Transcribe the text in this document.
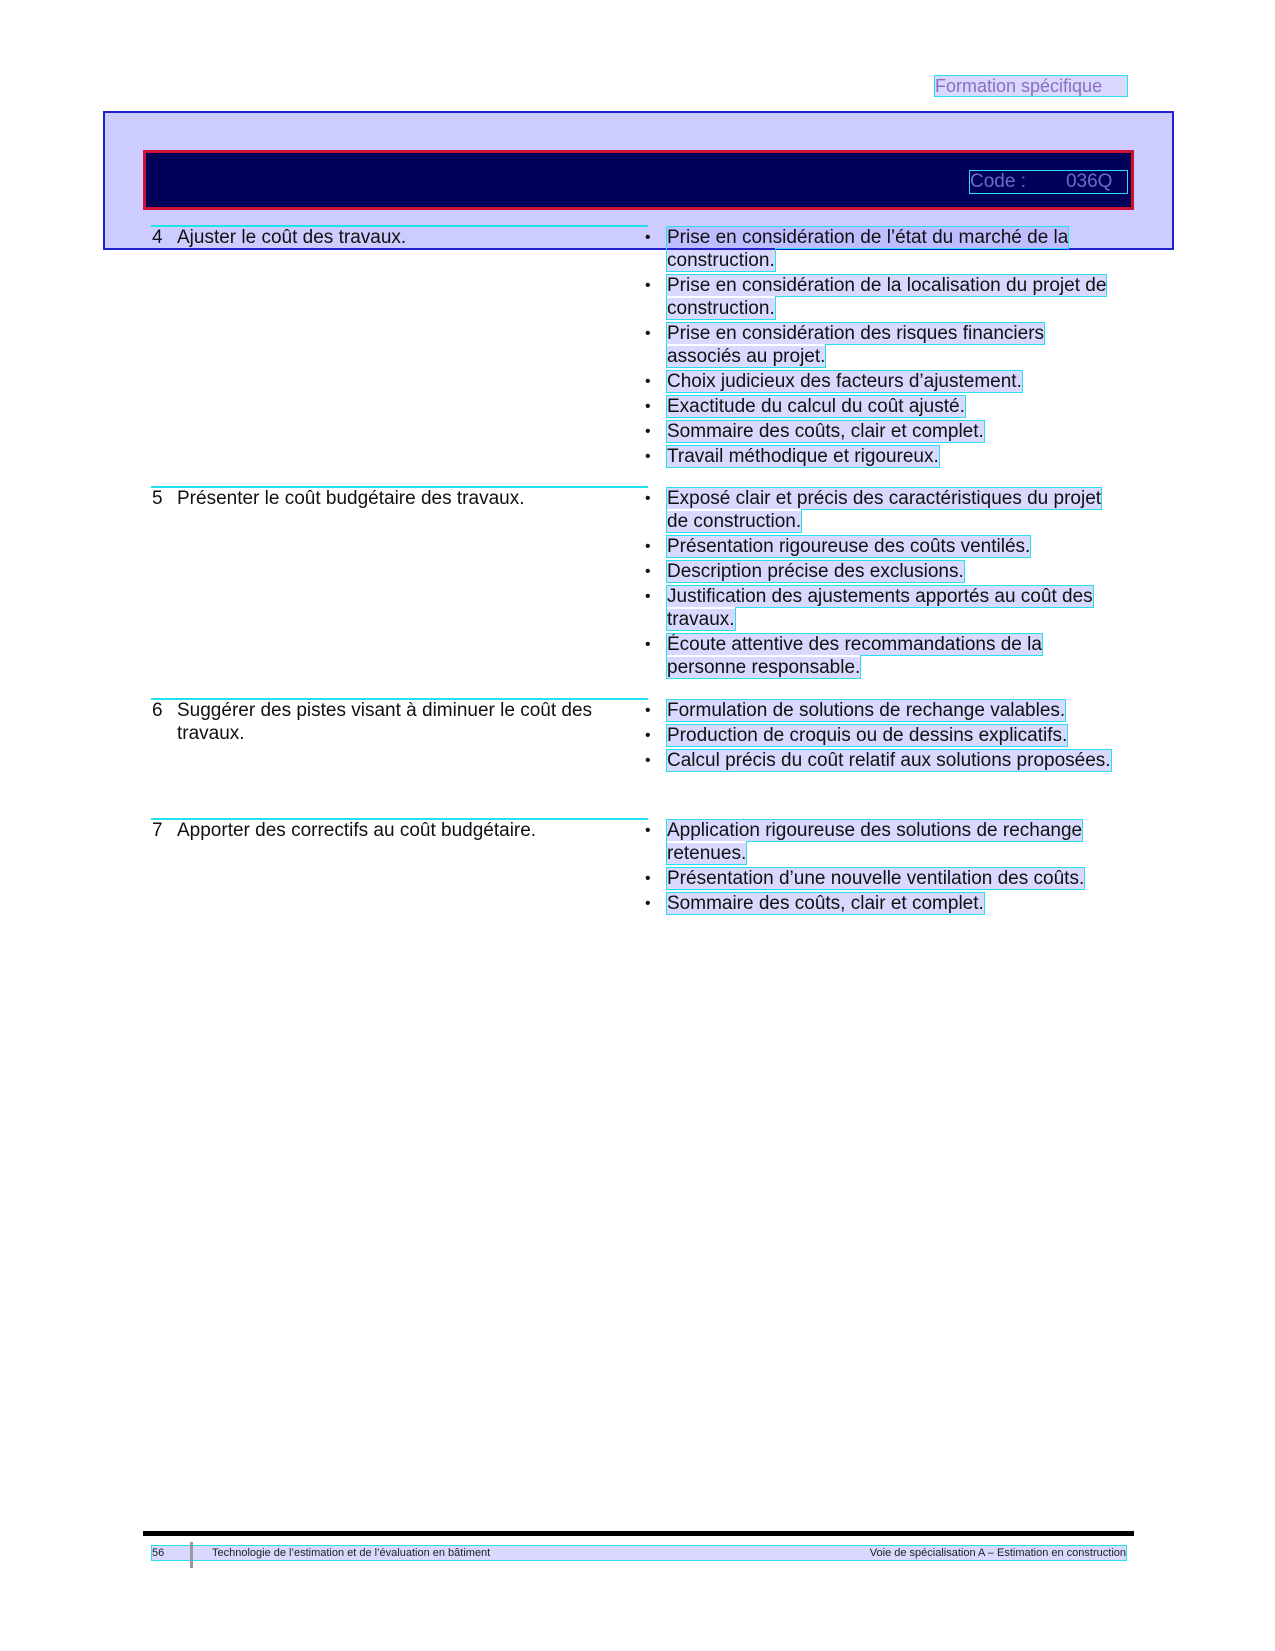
Formation spécifique
Code : 036Q
4 Ajuster le coût des travaux.	• Prise en considération de l’état du marché de la construction.
• Prise en considération de la localisation du projet de construction.
• Prise en considération des risques financiers associés au projet.
• Choix judicieux des facteurs d’ajustement.
• Exactitude du calcul du coût ajusté.
• Sommaire des coûts, clair et complet.
• Travail méthodique et rigoureux.
5 Présenter le coût budgétaire des travaux.	• Exposé clair et précis des caractéristiques du projet de construction.
• Présentation rigoureuse des coûts ventilés.
• Description précise des exclusions.
• Justification des ajustements apportés au coût des travaux.
• Écoute attentive des recommandations de la personne responsable.
6 Suggérer des pistes visant à diminuer le coût des travaux.
• Formulation de solutions de rechange valables.
• Production de croquis ou de dessins explicatifs.
• Calcul précis du coût relatif aux solutions proposées.
7 Apporter des correctifs au coût budgétaire.	• Application rigoureuse des solutions de rechange retenues.
• Présentation d’une nouvelle ventilation des coûts.
• Sommaire des coûts, clair et complet.
56	Technologie de l’estimation et de l’évaluation en bâtiment	Voie de spécialisation A – Estimation en construction
